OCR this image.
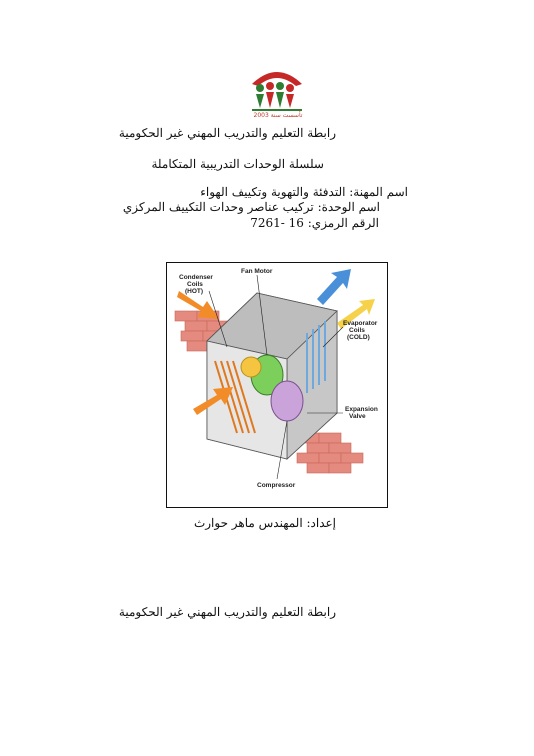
تأسست سنة 2003
رابطة التعليم والتدريب المهني غير الحكومية
سلسلة الوحدات التدريبية المتكاملة
اسم المهنة: التدفئة والتهوية وتكييف الهواء
اسم الوحدة: تركيب عناصر وحدات التكييف المركزي
الرقم الرمزي: 16 -7261
Condenser
Coils
(HOT)
Fan Motor
Evaporator
Coils
(COLD)
Expansion
Valve
Compressor
إعداد: المهندس ماهر حوارث
رابطة التعليم والتدريب المهني غير الحكومية
